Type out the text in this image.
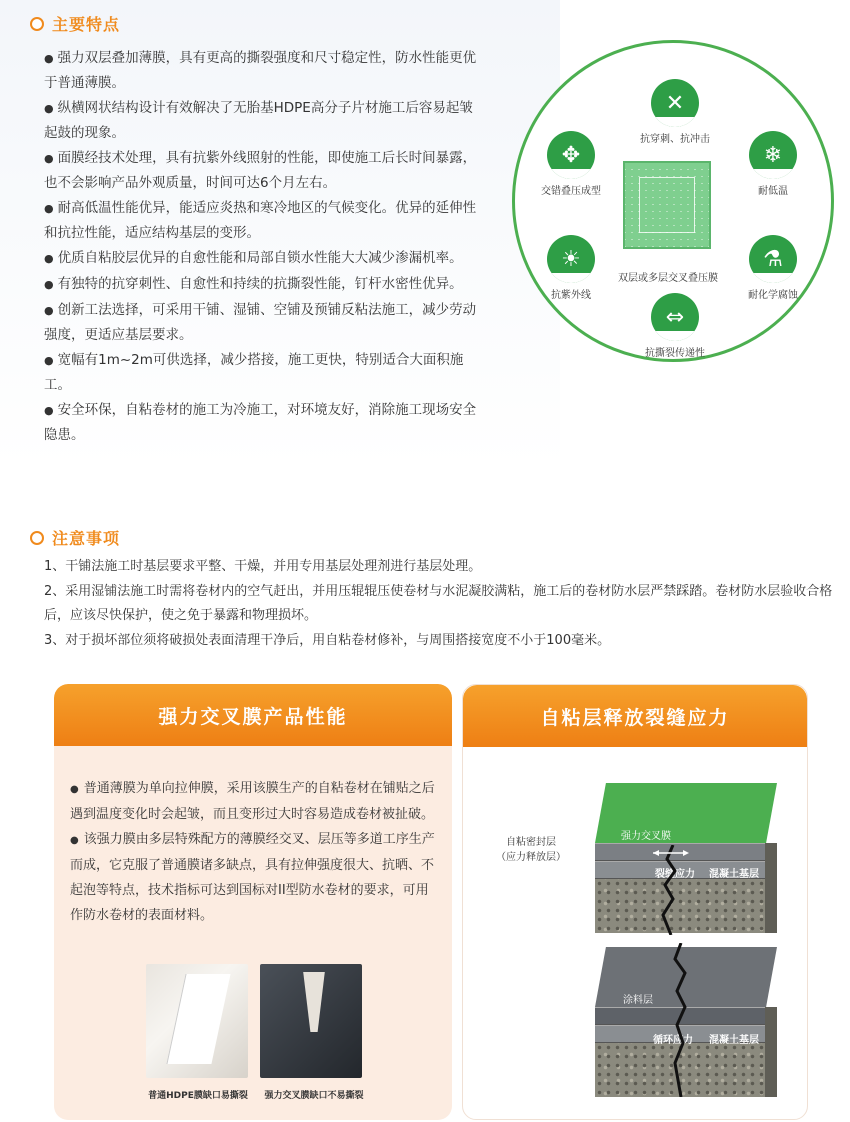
主要特点
● 强力双层叠加薄膜，具有更高的撕裂强度和尺寸稳定性，防水性能更优于普通薄膜。
● 纵横网状结构设计有效解决了无胎基HDPE高分子片材施工后容易起皱起鼓的现象。
● 面膜经技术处理，具有抗紫外线照射的性能，即使施工后长时间暴露，也不会影响产品外观质量，时间可达6个月左右。
● 耐高低温性能优异，能适应炎热和寒冷地区的气候变化。优异的延伸性和抗拉性能，适应结构基层的变形。
● 优质自粘胶层优异的自愈性能和局部自锁水性能大大减少渗漏机率。
● 有独特的抗穿刺性、自愈性和持续的抗撕裂性能，钉杆水密性优异。
● 创新工法选择，可采用干铺、湿铺、空铺及预铺反粘法施工，减少劳动强度，更适应基层要求。
● 宽幅有1m~2m可供选择，减少搭接，施工更快，特别适合大面积施工。
● 安全环保，自粘卷材的施工为冷施工，对环境友好，消除施工现场安全隐患。
✕
抗穿刺、抗冲击
❄
耐低温
⚗
耐化学腐蚀
⇔
抗撕裂传递性
☀
抗紫外线
✥
交错叠压成型
双层或多层交叉叠压膜
注意事项

1、干铺法施工时基层要求平整、干燥，并用专用基层处理剂进行基层处理。

2、采用湿铺法施工时需将卷材内的空气赶出，并用压辊辊压使卷材与水泥凝胶满粘，施工后的卷材防水层严禁踩踏。卷材防水层验收合格后，应该尽快保护，使之免于暴露和物理损坏。

3、对于损坏部位须将破损处表面清理干净后，用自粘卷材修补，与周围搭接宽度不小于100毫米。

强力交叉膜产品性能

● 普通薄膜为单向拉伸膜，采用该膜生产的自粘卷材在铺贴之后遇到温度变化时会起皱，而且变形过大时容易造成卷材被扯破。

● 该强力膜由多层特殊配方的薄膜经交叉、层压等多道工序生产而成，它克服了普通膜诸多缺点，具有拉伸强度很大、抗晒、不起泡等特点，技术指标可达到国标对II型防水卷材的要求，可用作防水卷材的表面材料。

普通HDPE膜缺口易撕裂	强力交叉膜缺口不易撕裂
自粘层释放裂缝应力
自粘密封层
（应力释放层）
强力交叉膜
裂缝应力 混凝土基层
涂料层
循环应力 混凝土基层
